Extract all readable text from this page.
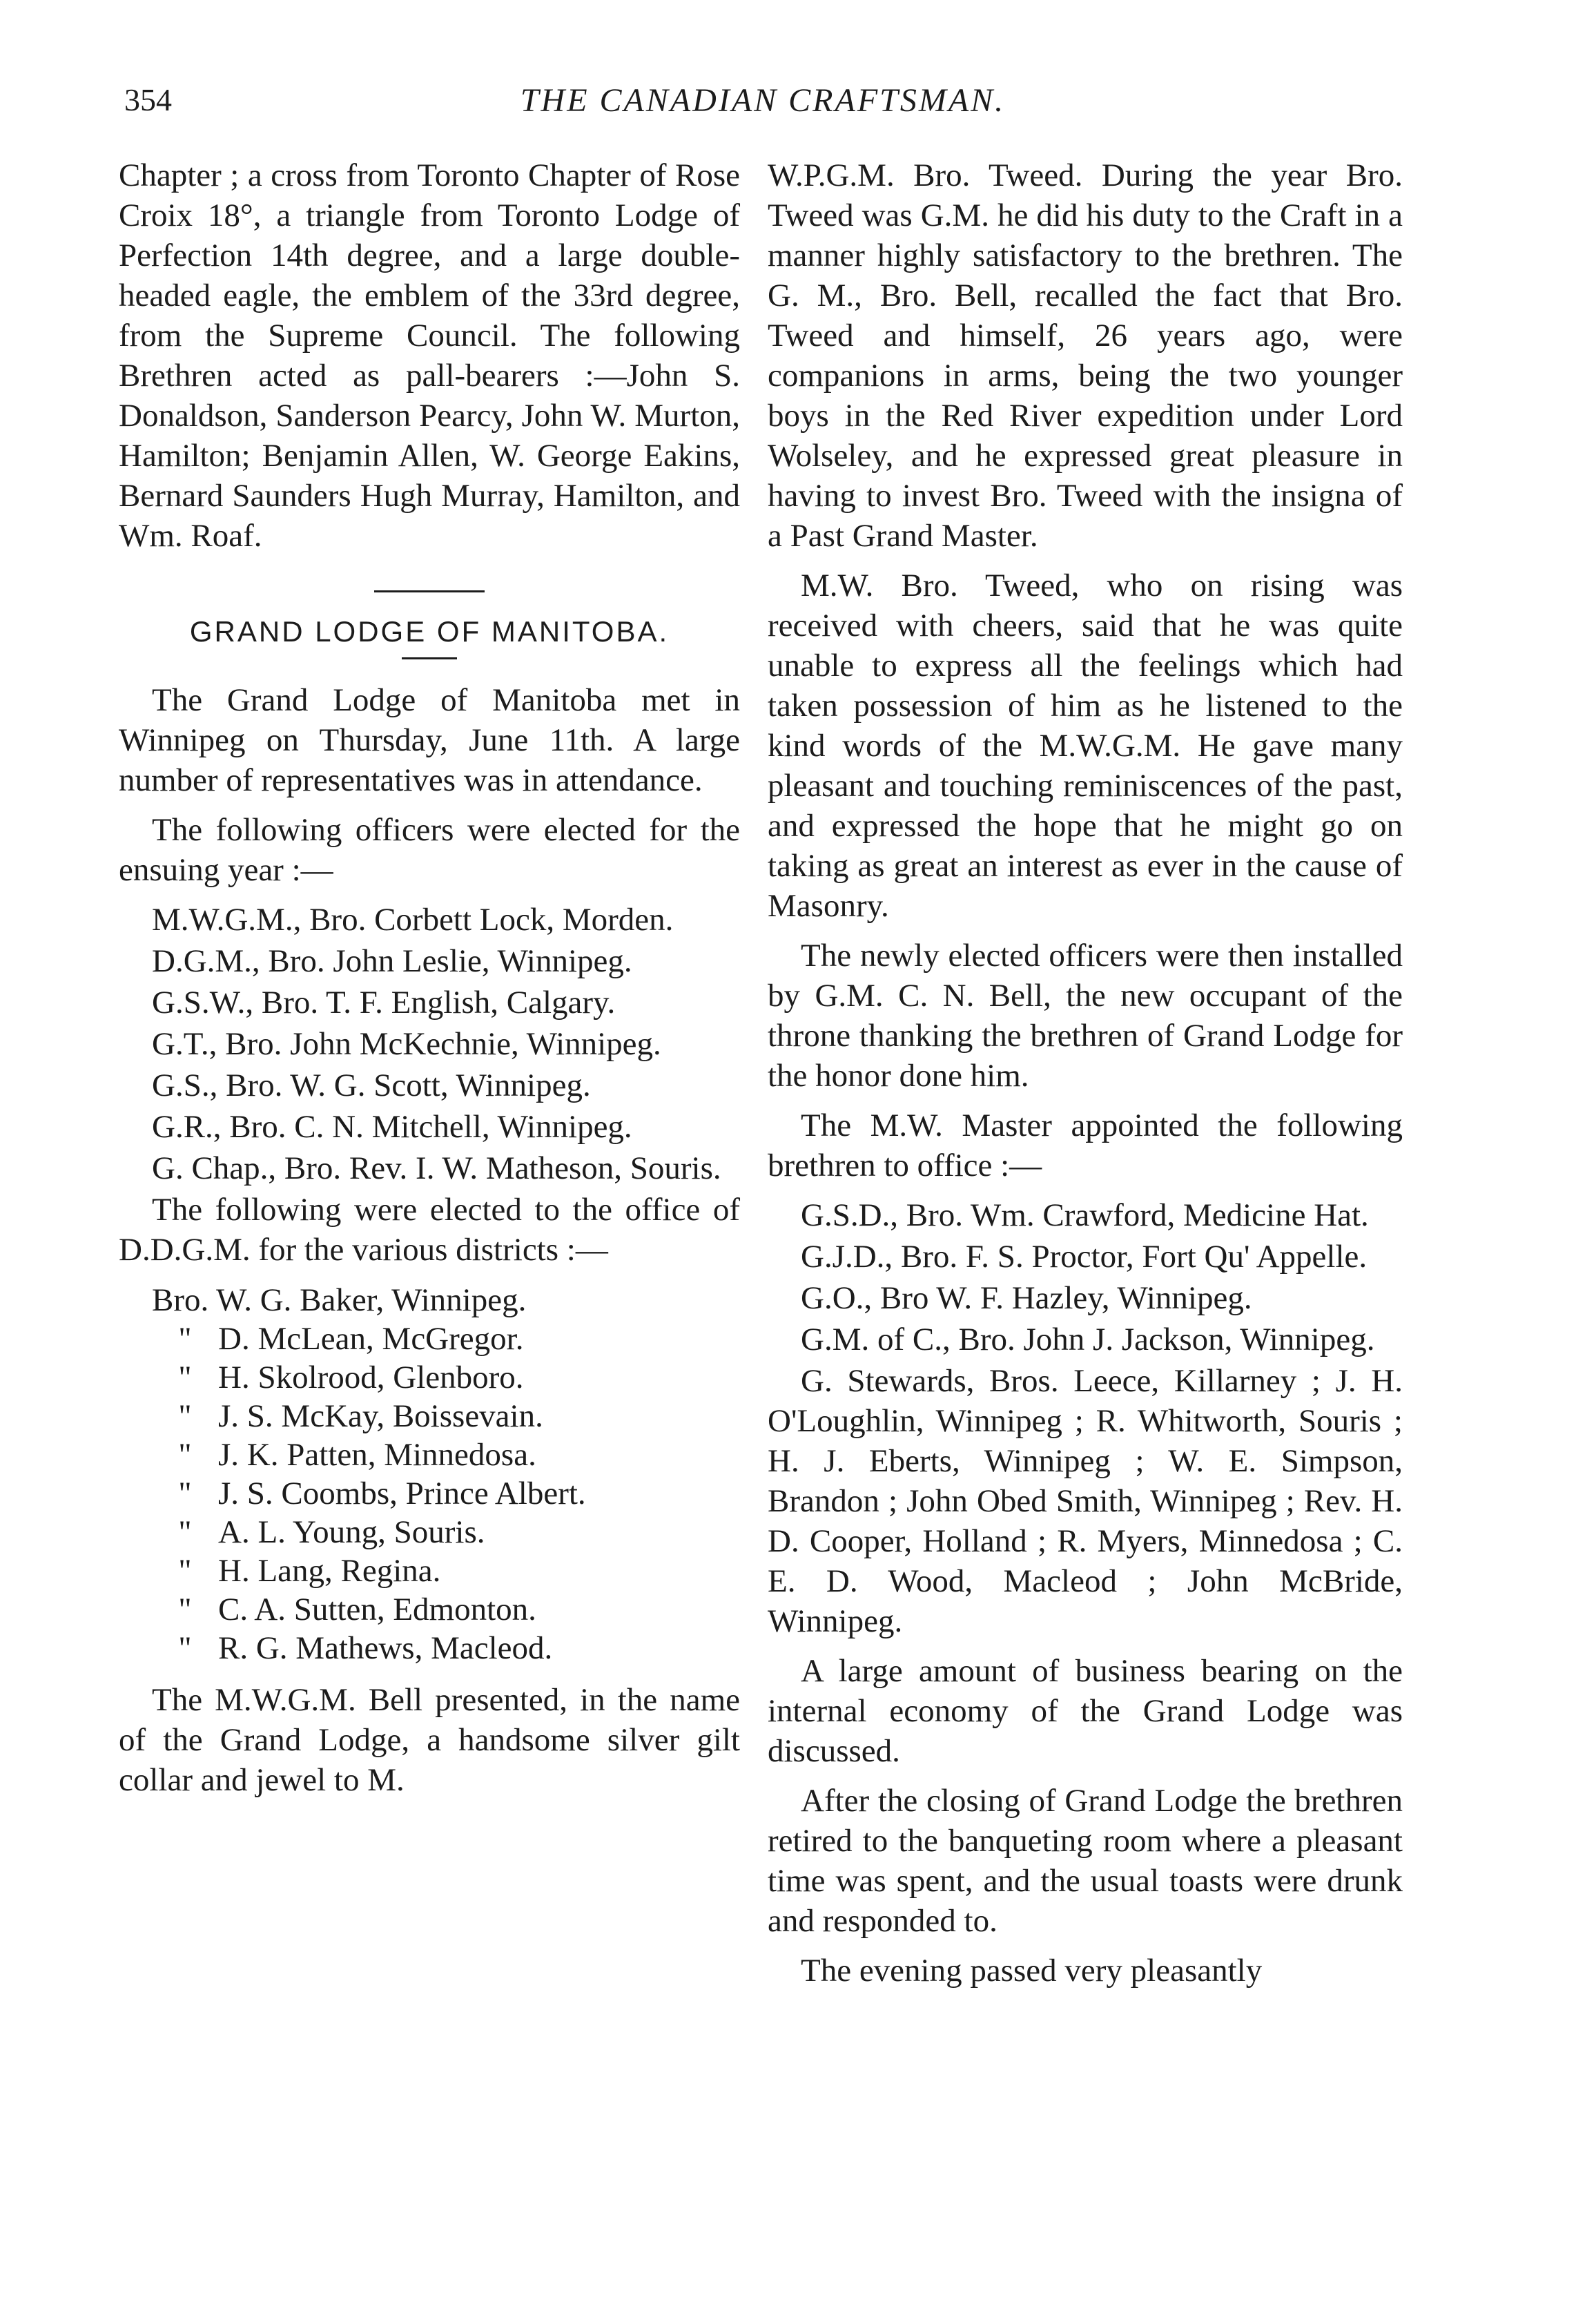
354	THE CANADIAN CRAFTSMAN.

Chapter ; a cross from Toronto Chapter of Rose Croix 18°, a triangle from Toronto Lodge of Perfection 14th degree, and a large double-headed eagle, the emblem of the 33rd degree, from the Supreme Council. The following Brethren acted as pall-bearers :—John S. Donaldson, Sanderson Pearcy, John W. Murton, Hamilton; Benjamin Allen, W. George Eakins, Bernard Saunders Hugh Murray, Hamilton, and Wm. Roaf.

GRAND LODGE OF MANITOBA.

The Grand Lodge of Manitoba met in Winnipeg on Thursday, June 11th. A large number of representatives was in attendance.

The following officers were elected for the ensuing year :—

M.W.G.M., Bro. Corbett Lock, Morden.

D.G.M., Bro. John Leslie, Winnipeg.

G.S.W., Bro. T. F. English, Calgary.

G.T., Bro. John McKechnie, Winnipeg.

G.S., Bro. W. G. Scott, Winnipeg.

G.R., Bro. C. N. Mitchell, Winnipeg.

G. Chap., Bro. Rev. I. W. Matheson, Souris.

The following were elected to the office of D.D.G.M. for the various districts :—

Bro. W. G. Baker, Winnipeg.
" D. McLean, McGregor.
" H. Skolrood, Glenboro.
" J. S. McKay, Boissevain.
" J. K. Patten, Minnedosa.
" J. S. Coombs, Prince Albert.
" A. L. Young, Souris.
" H. Lang, Regina.
" C. A. Sutten, Edmonton.
" R. G. Mathews, Macleod.

The M.W.G.M. Bell presented, in the name of the Grand Lodge, a handsome silver gilt collar and jewel to M.

W.P.G.M. Bro. Tweed. During the year Bro. Tweed was G.M. he did his duty to the Craft in a manner highly satisfactory to the brethren. The G. M., Bro. Bell, recalled the fact that Bro. Tweed and himself, 26 years ago, were companions in arms, being the two younger boys in the Red River expedition under Lord Wolseley, and he expressed great pleasure in having to invest Bro. Tweed with the insigna of a Past Grand Master.

M.W. Bro. Tweed, who on rising was received with cheers, said that he was quite unable to express all the feelings which had taken possession of him as he listened to the kind words of the M.W.G.M. He gave many pleasant and touching reminiscences of the past, and expressed the hope that he might go on taking as great an interest as ever in the cause of Masonry.

The newly elected officers were then installed by G.M. C. N. Bell, the new occupant of the throne thanking the brethren of Grand Lodge for the honor done him.

The M.W. Master appointed the following brethren to office :—

G.S.D., Bro. Wm. Crawford, Medicine Hat.

G.J.D., Bro. F. S. Proctor, Fort Qu' Appelle.

G.O., Bro W. F. Hazley, Winnipeg.

G.M. of C., Bro. John J. Jackson, Winnipeg.

G. Stewards, Bros. Leece, Killarney ; J. H. O'Loughlin, Winnipeg ; R. Whitworth, Souris ; H. J. Eberts, Winnipeg ; W. E. Simpson, Brandon ; John Obed Smith, Winnipeg ; Rev. H. D. Cooper, Holland ; R. Myers, Minnedosa ; C. E. D. Wood, Macleod ; John McBride, Winnipeg.

A large amount of business bearing on the internal economy of the Grand Lodge was discussed.

After the closing of Grand Lodge the brethren retired to the banqueting room where a pleasant time was spent, and the usual toasts were drunk and responded to.

The evening passed very pleasantly
